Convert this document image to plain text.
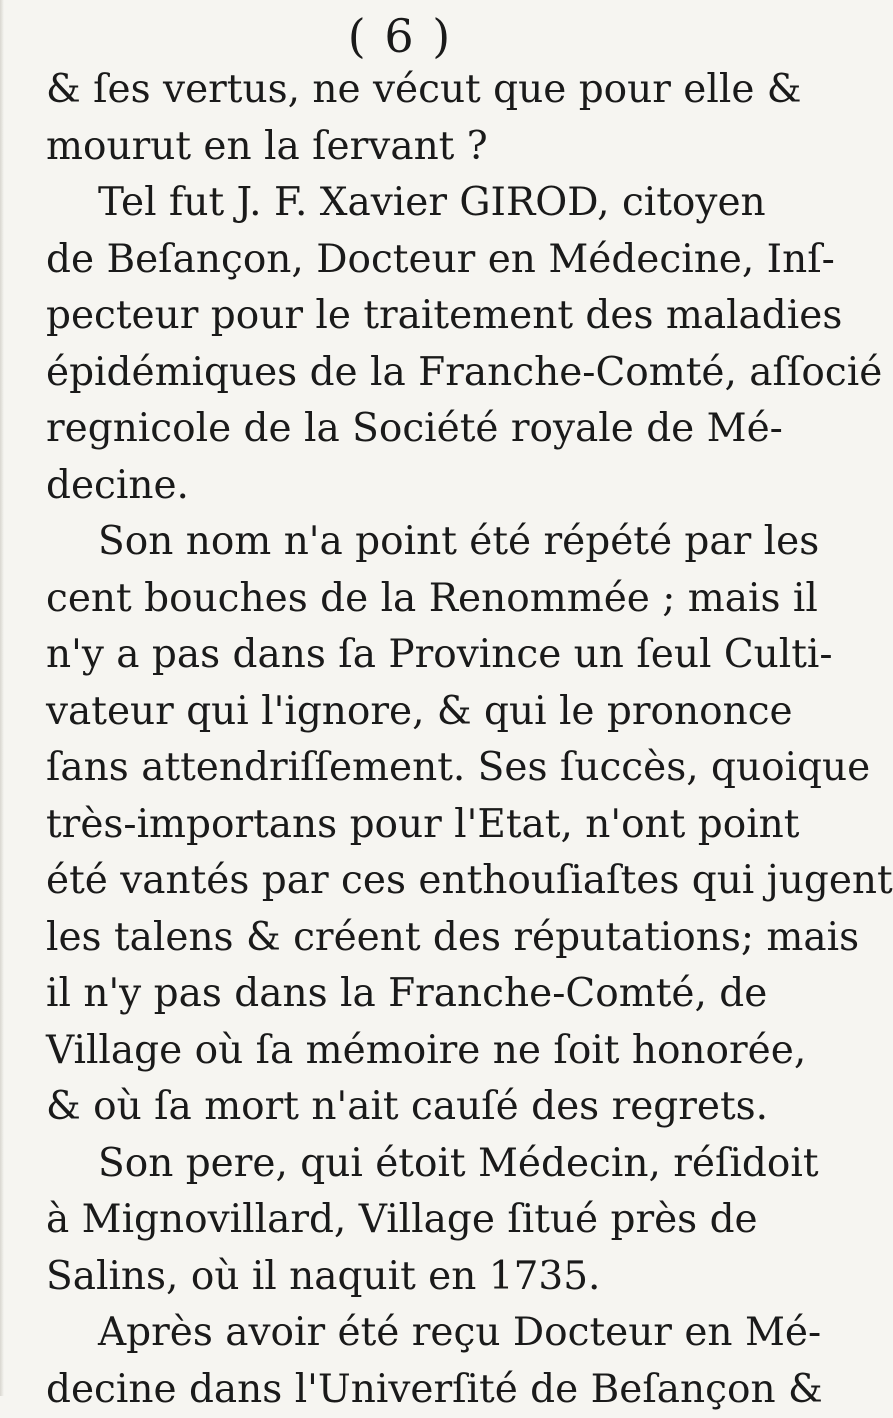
( 6 )
& ſes vertus, ne vécut que pour elle &
mourut en la ſervant ?
Tel fut J. F. Xavier GIROD, citoyen
de Beſançon, Docteur en Médecine, Inſ-
pecteur pour le traitement des maladies
épidémiques de la Franche-Comté, aſſocié
regnicole de la Société royale de Mé-
decine.
Son nom n'a point été répété par les
cent bouches de la Renommée ; mais il
n'y a pas dans ſa Province un ſeul Culti-
vateur qui l'ignore, & qui le prononce
ſans attendriſſement. Ses ſuccès, quoique
très-importans pour l'Etat, n'ont point
été vantés par ces enthouſiaſtes qui jugent
les talens & créent des réputations; mais
il n'y pas dans la Franche-Comté, de
Village où ſa mémoire ne ſoit honorée,
& où ſa mort n'ait cauſé des regrets.
Son pere, qui étoit Médecin, réſidoit
à Mignovillard, Village ſitué près de
Salins, où il naquit en 1735.
Après avoir été reçu Docteur en Mé-
decine dans l'Univerſité de Beſançon &
